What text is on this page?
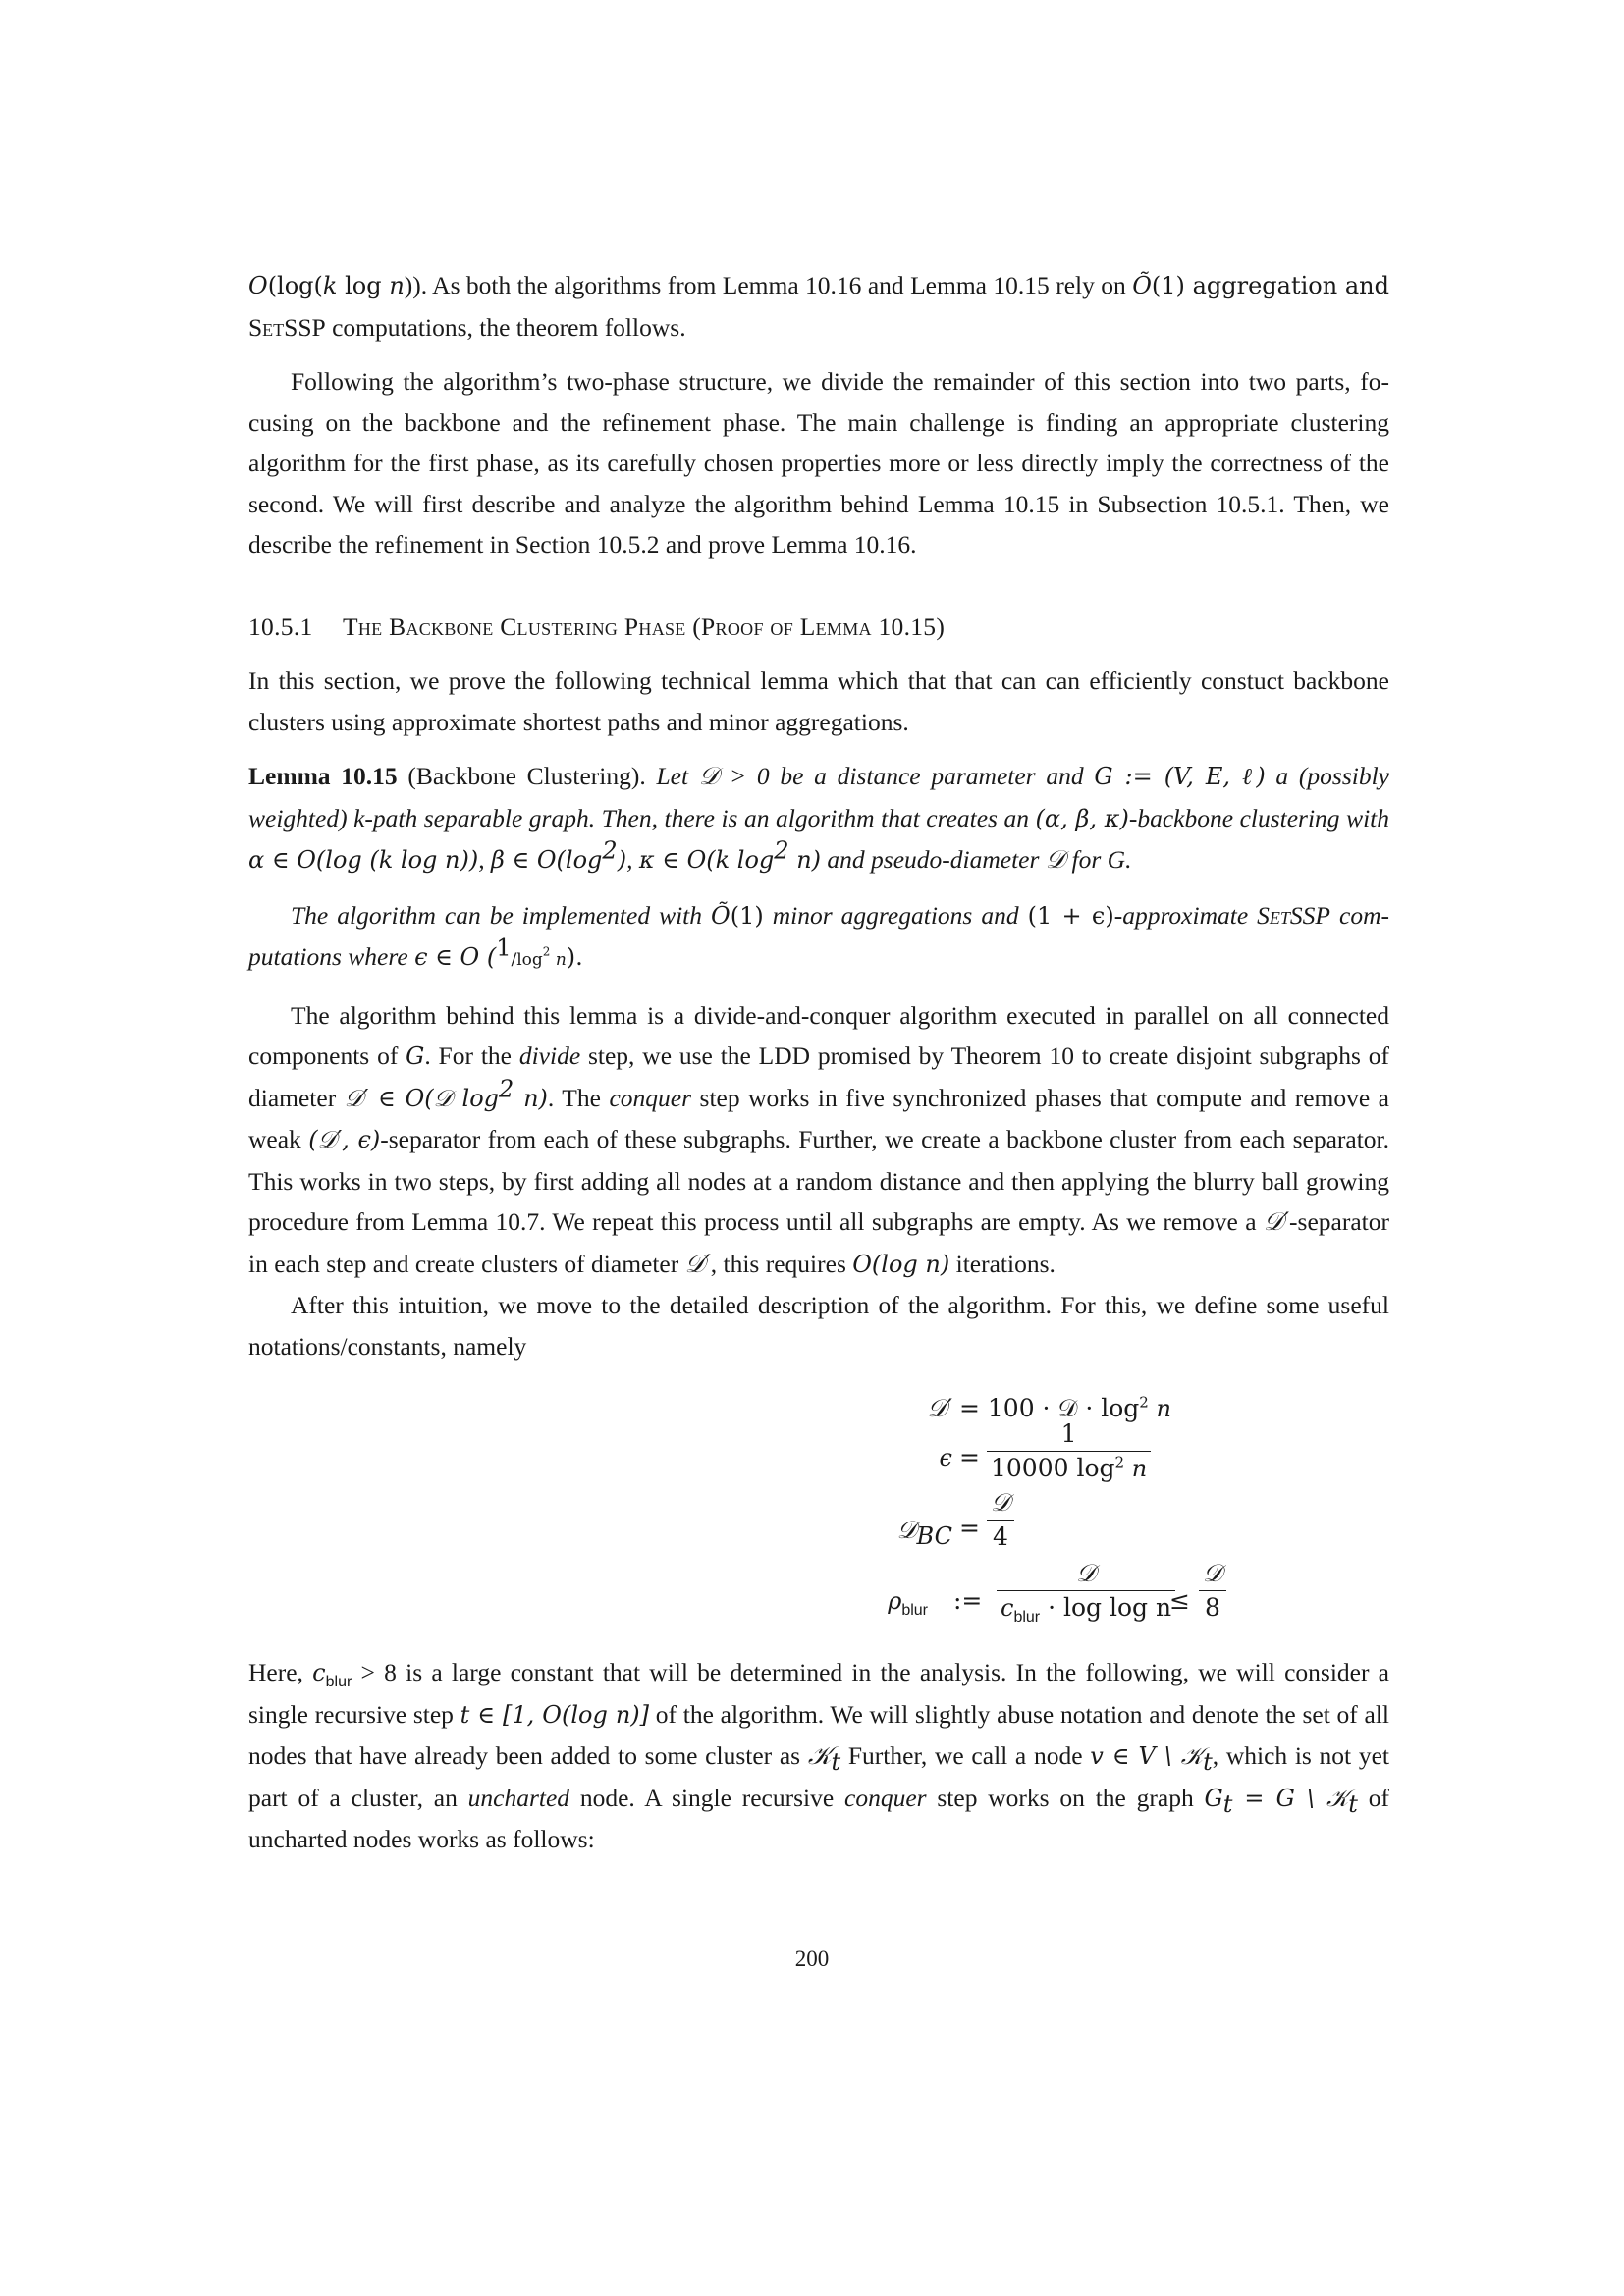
O(log(k log n)). As both the algorithms from Lemma 10.16 and Lemma 10.15 rely on Õ(1) aggregation and SetSSP computations, the theorem follows.

Following the algorithm’s two-phase structure, we divide the remainder of this section into two parts, fo-cusing on the backbone and the refinement phase. The main challenge is finding an appropriate clustering algorithm for the first phase, as its carefully chosen properties more or less directly imply the correctness of the second. We will first describe and analyze the algorithm behind Lemma 10.15 in Subsection 10.5.1. Then, we describe the refinement in Section 10.5.2 and prove Lemma 10.16.

10.5.1 The Backbone Clustering Phase (Proof of Lemma 10.15)

In this section, we prove the following technical lemma which that that can can efficiently constuct backbone clusters using approximate shortest paths and minor aggregations.

Lemma 10.15 (Backbone Clustering). Let 𝒟 > 0 be a distance parameter and G := (V, E, ℓ) a (possibly weighted) k-path separable graph. Then, there is an algorithm that creates an (α, β, κ)-backbone clustering with α ∈ O(log (k log n)), β ∈ $O(\log^2)$, κ ∈ O(k $\log^2 n$) and pseudo-diameter 𝒟 for G.

The algorithm can be implemented with Õ(1) minor aggregations and (1 + ϵ)-approximate SetSSP com-putations where ϵ ∈ O ($^1/\log^2$ n).

The algorithm behind this lemma is a divide-and-conquer algorithm executed in parallel on all connected components of G. For the divide step, we use the LDD promised by Theorem 10 to create disjoint subgraphs of diameter 𝒟′ ∈ O(𝒟 $\log^2 n$). The conquer step works in five synchronized phases that compute and remove a weak (𝒟′, ϵ)-separator from each of these subgraphs. Further, we create a backbone cluster from each separator. This works in two steps, by first adding all nodes at a random distance and then applying the blurry ball growing procedure from Lemma 10.7. We repeat this process until all subgraphs are empty. As we remove a 𝒟′-separator in each step and create clusters of diameter 𝒟′, this requires O(log n) iterations.

After this intuition, we move to the detailed description of the algorithm. For this, we define some useful notations/constants, namely

𝒟′ = 100 · 𝒟 · $\log^2 n$
$\epsilon = \frac{1}{10000 \log^2 n}$
𝒟$_{BC}$ = $\frac{\text{𝒟}}{4}$
$\rho_{blur}$ := $\frac{\text{𝒟}}{c_{blur} \cdot \log \log n}$
≤ $\frac{\text{𝒟}}{8}$

Here, $c_{blur} > 8$ is a large constant that will be determined in the analysis. In the following, we will consider a single recursive step t ∈ [1, O(log n)] of the algorithm. We will slightly abuse notation and denote the set of all nodes that have already been added to some cluster as 𝒦$_t$ Further, we call a node v ∈ V \ 𝒦$_t$, which is not yet part of a cluster, an uncharted node. A single recursive conquer step works on the graph $G_t = G$ \ 𝒦$_t$ of uncharted nodes works as follows:

200
